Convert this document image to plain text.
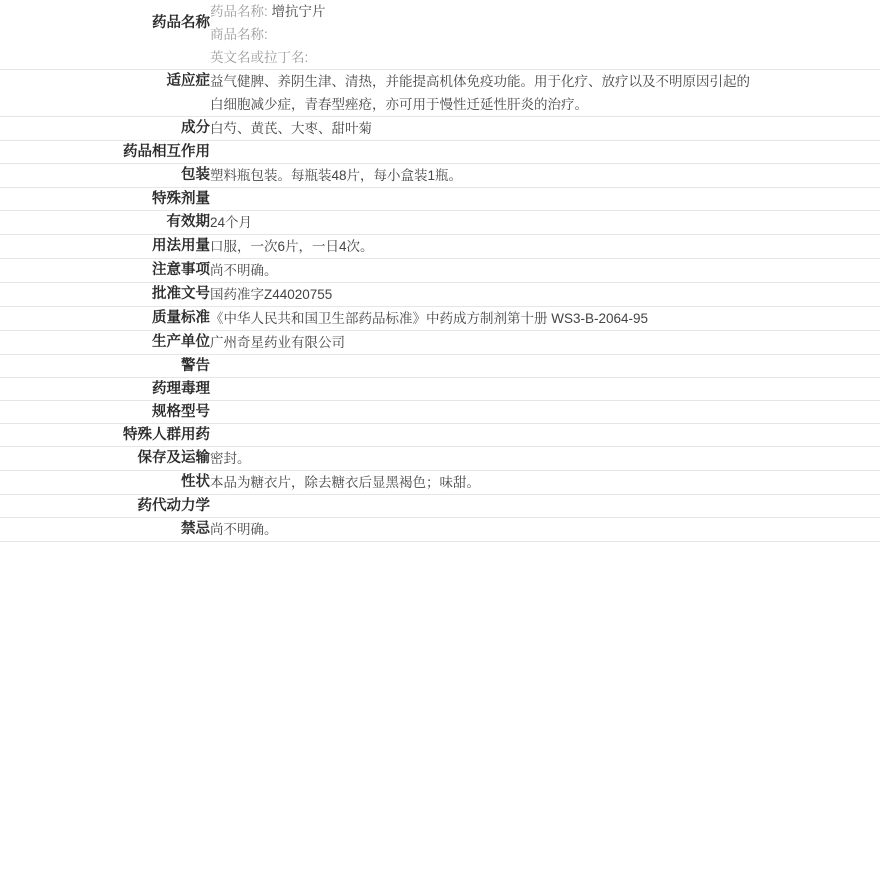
药品名称	药品名称: 增抗宁片
商品名称:
英文名或拉丁名:

适应症	益气健脾、养阴生津、清热，并能提高机体免疫功能。用于化疗、放疗以及不明原因引起的
白细胞减少症，青春型痤疮，亦可用于慢性迁延性肝炎的治疗。

成分	白芍、黄芪、大枣、甜叶菊
药品相互作用	
包装	塑料瓶包装。每瓶装48片，每小盒装1瓶。
特殊剂量	
有效期	24个月
用法用量	口服，一次6片，一日4次。
注意事项	尚不明确。
批准文号	国药准字Z44020755
质量标准	《中华人民共和国卫生部药品标准》中药成方制剂第十册 WS3-B-2064-95
生产单位	广州奇星药业有限公司
警告	
药理毒理	
规格型号	
特殊人群用药	
保存及运输	密封。
性状	本品为糖衣片，除去糖衣后显黑褐色；味甜。
药代动力学	
禁忌	尚不明确。
